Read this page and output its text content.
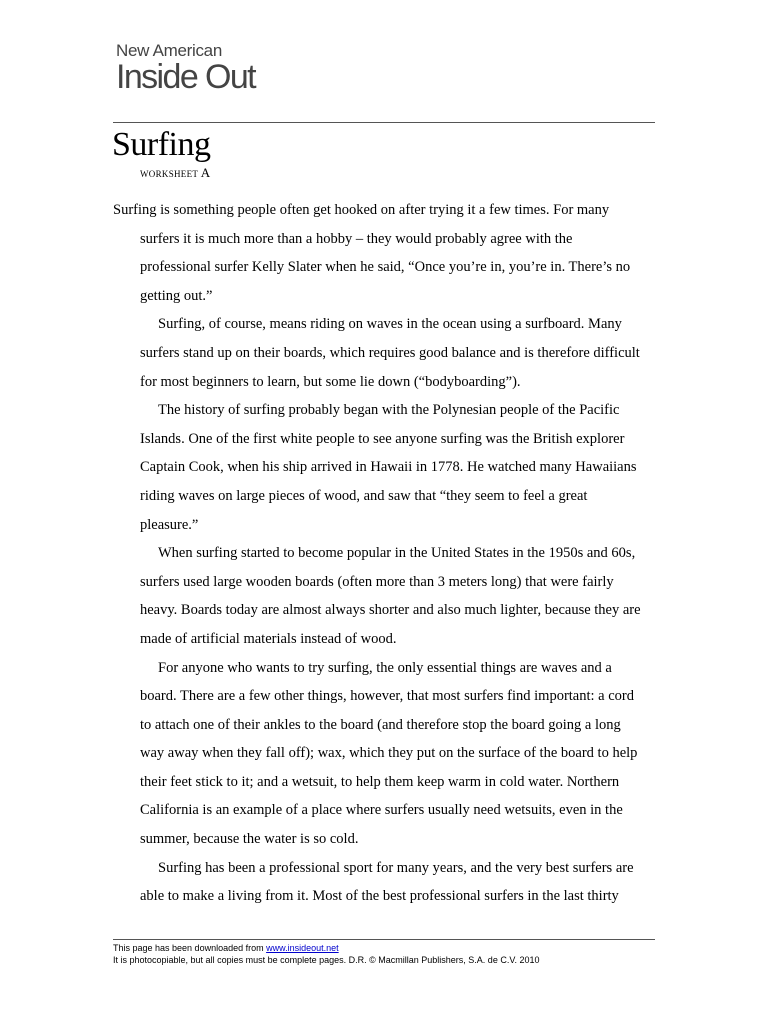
New American
Inside Out
Surfing
WORKSHEET A

Surfing is something people often get hooked on after trying it a few times. For many surfers it is much more than a hobby – they would probably agree with the professional surfer Kelly Slater when he said, “Once you’re in, you’re in. There’s no getting out.”

Surfing, of course, means riding on waves in the ocean using a surfboard. Many surfers stand up on their boards, which requires good balance and is therefore difficult for most beginners to learn, but some lie down (“bodyboarding”).

The history of surfing probably began with the Polynesian people of the Pacific Islands. One of the first white people to see anyone surfing was the British explorer Captain Cook, when his ship arrived in Hawaii in 1778. He watched many Hawaiians riding waves on large pieces of wood, and saw that “they seem to feel a great pleasure.”

When surfing started to become popular in the United States in the 1950s and 60s, surfers used large wooden boards (often more than 3 meters long) that were fairly heavy. Boards today are almost always shorter and also much lighter, because they are made of artificial materials instead of wood.

For anyone who wants to try surfing, the only essential things are waves and a board. There are a few other things, however, that most surfers find important: a cord to attach one of their ankles to the board (and therefore stop the board going a long way away when they fall off); wax, which they put on the surface of the board to help their feet stick to it; and a wetsuit, to help them keep warm in cold water. Northern California is an example of a place where surfers usually need wetsuits, even in the summer, because the water is so cold.

Surfing has been a professional sport for many years, and the very best surfers are able to make a living from it. Most of the best professional surfers in the last thirty

This page has been downloaded from www.insideout.net
It is photocopiable, but all copies must be complete pages. D.R. © Macmillan Publishers, S.A. de C.V. 2010
